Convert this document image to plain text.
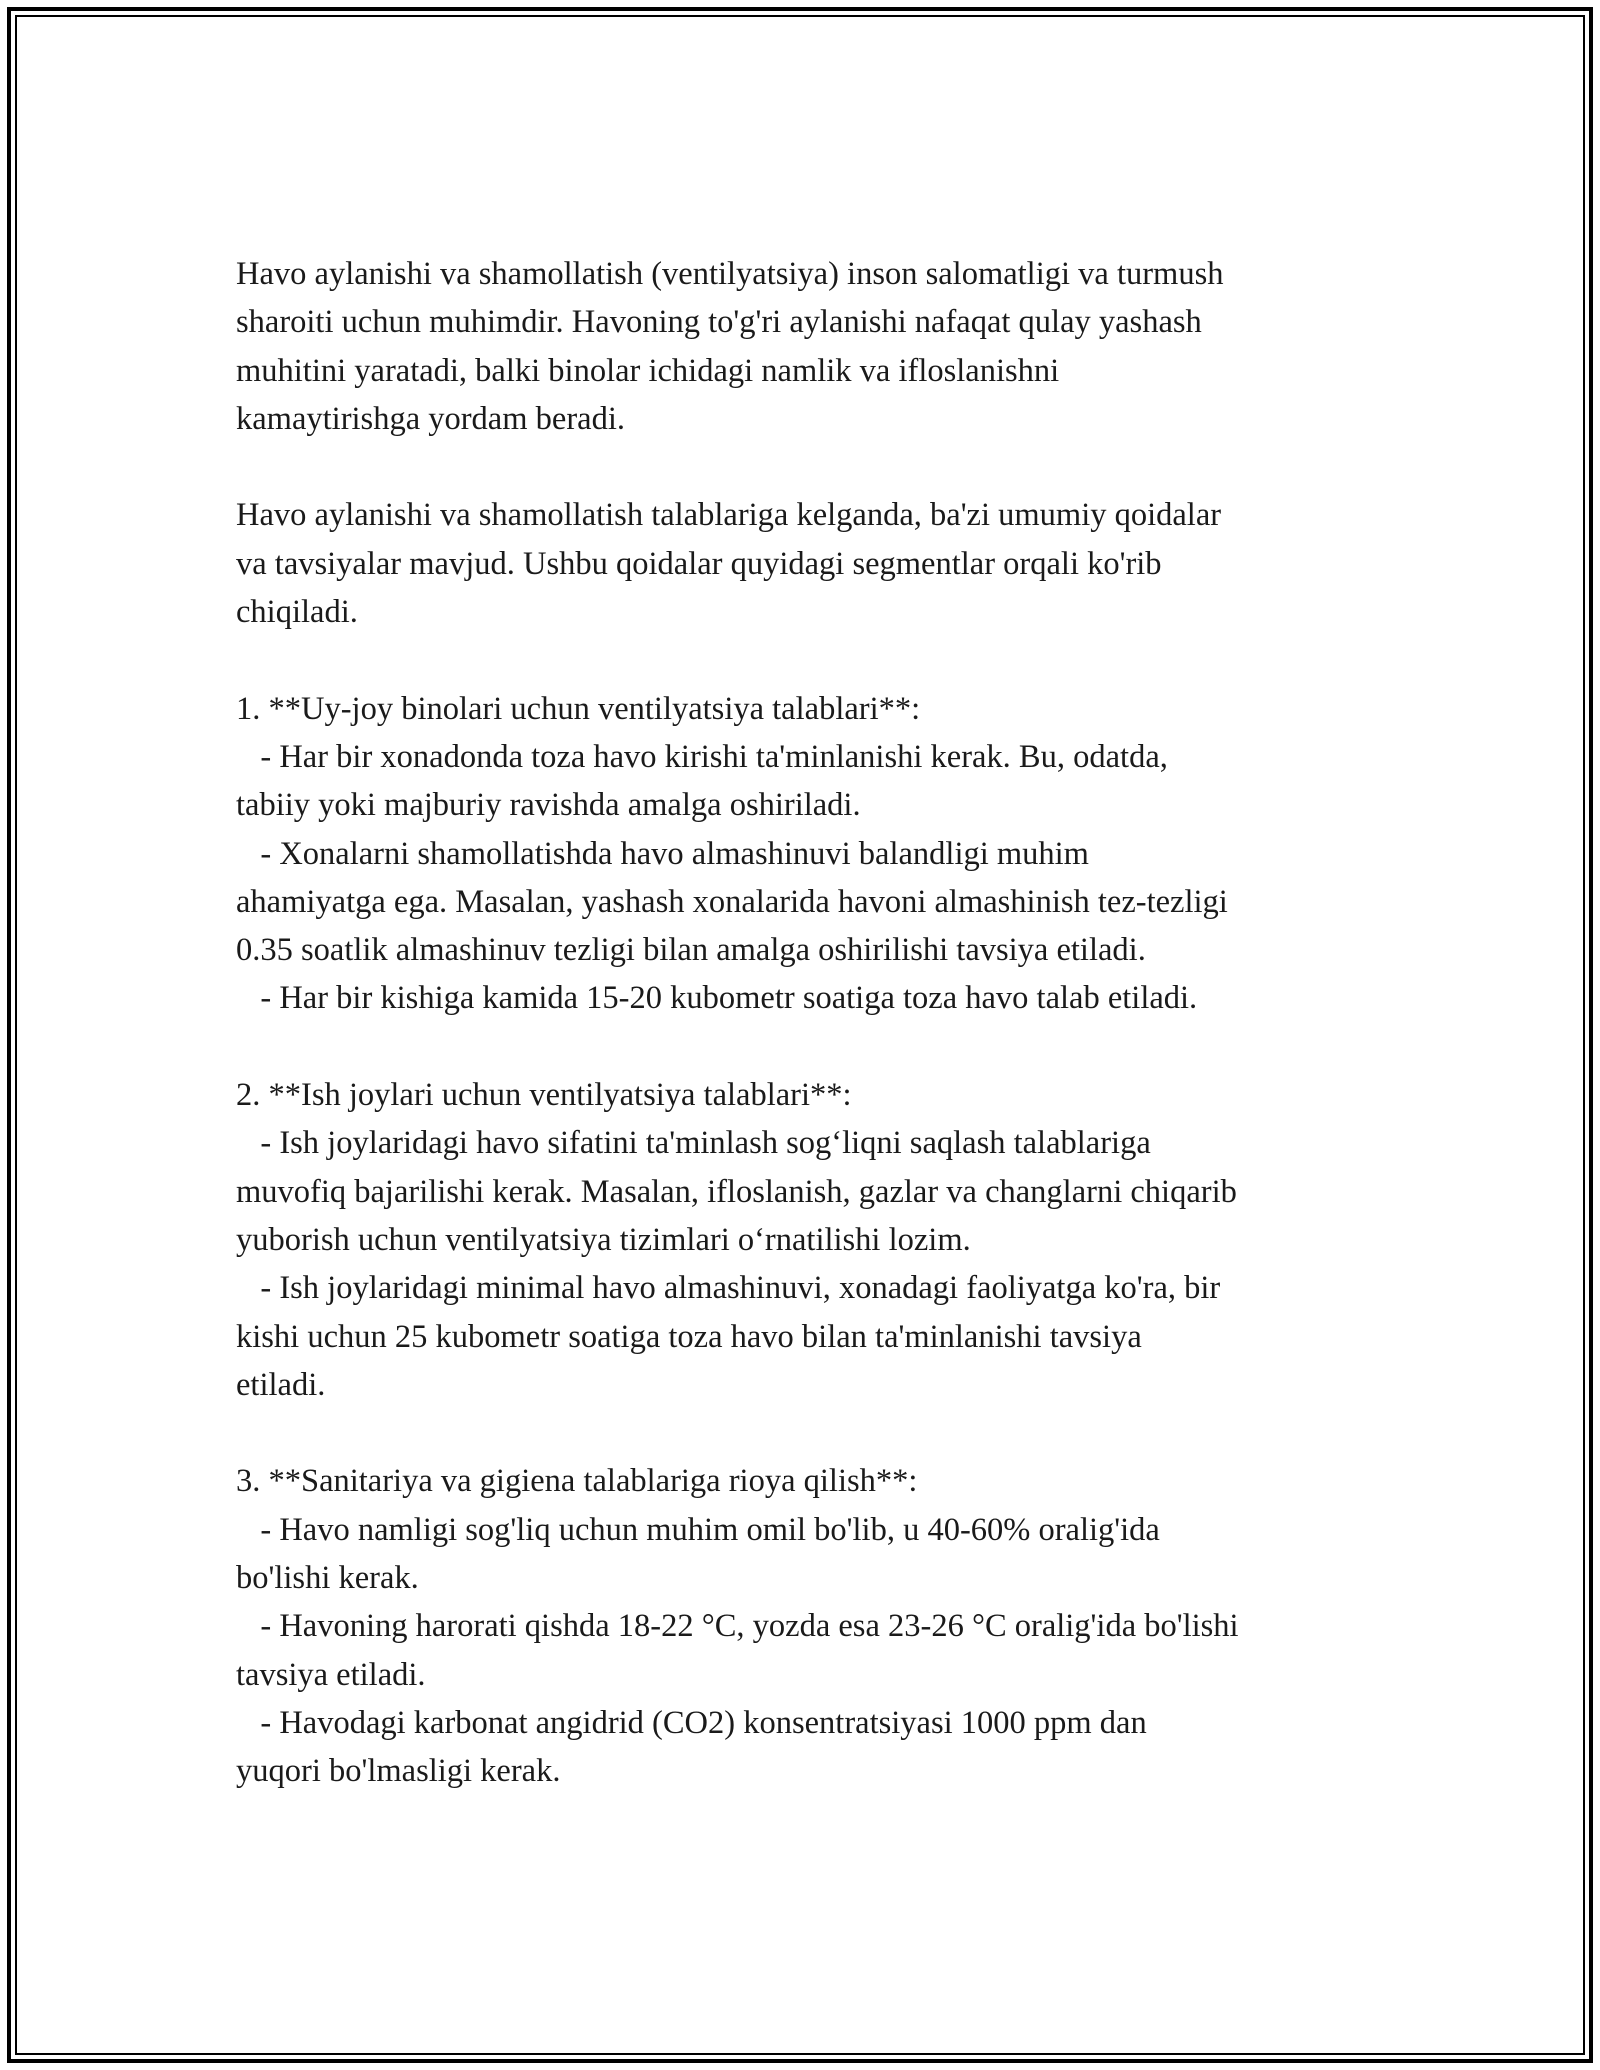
Havo aylanishi va shamollatish (ventilyatsiya) inson salomatligi va turmush
sharoiti uchun muhimdir. Havoning to'g'ri aylanishi nafaqat qulay yashash
muhitini yaratadi, balki binolar ichidagi namlik va ifloslanishni
kamaytirishga yordam beradi.
Havo aylanishi va shamollatish talablariga kelganda, ba'zi umumiy qoidalar
va tavsiyalar mavjud. Ushbu qoidalar quyidagi segmentlar orqali ko'rib
chiqiladi.
1. **Uy-joy binolari uchun ventilyatsiya talablari**:
- Har bir xonadonda toza havo kirishi ta'minlanishi kerak. Bu, odatda,
tabiiy yoki majburiy ravishda amalga oshiriladi.
- Xonalarni shamollatishda havo almashinuvi balandligi muhim
ahamiyatga ega. Masalan, yashash xonalarida havoni almashinish tez-tezligi
0.35 soatlik almashinuv tezligi bilan amalga oshirilishi tavsiya etiladi.
- Har bir kishiga kamida 15-20 kubometr soatiga toza havo talab etiladi.
2. **Ish joylari uchun ventilyatsiya talablari**:
- Ish joylaridagi havo sifatini ta'minlash sog‘liqni saqlash talablariga
muvofiq bajarilishi kerak. Masalan, ifloslanish, gazlar va changlarni chiqarib
yuborish uchun ventilyatsiya tizimlari o‘rnatilishi lozim.
- Ish joylaridagi minimal havo almashinuvi, xonadagi faoliyatga ko'ra, bir
kishi uchun 25 kubometr soatiga toza havo bilan ta'minlanishi tavsiya
etiladi.
3. **Sanitariya va gigiena talablariga rioya qilish**:
- Havo namligi sog'liq uchun muhim omil bo'lib, u 40-60% oralig'ida
bo'lishi kerak.
- Havoning harorati qishda 18-22 °C, yozda esa 23-26 °C oralig'ida bo'lishi
tavsiya etiladi.
- Havodagi karbonat angidrid (CO2) konsentratsiyasi 1000 ppm dan
yuqori bo'lmasligi kerak.
